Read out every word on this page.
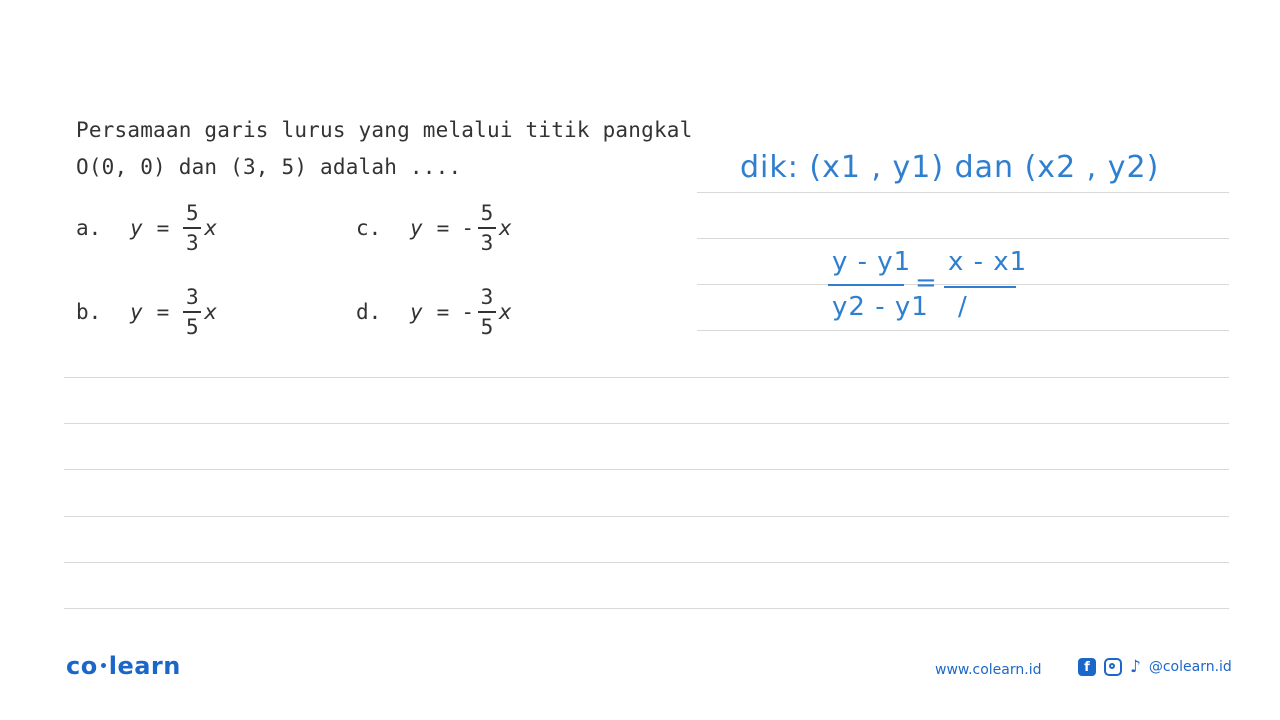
Persamaan garis lurus yang melalui titik pangkal
O(0, 0) dan (3, 5) adalah ....
a.	$y = \frac{5}{3}$ x
b.	$y = \frac{3}{5}$ x
c.	y = - $\frac{5}{3}$ x
d.	y = - $\frac{3}{5}$ x
dik: (x1 , y1) dan (x2 , y2)
y - y1
y2 - y1
=
x - x1
/
co learn	www.colearn.id	f	♪ @colearn.id
